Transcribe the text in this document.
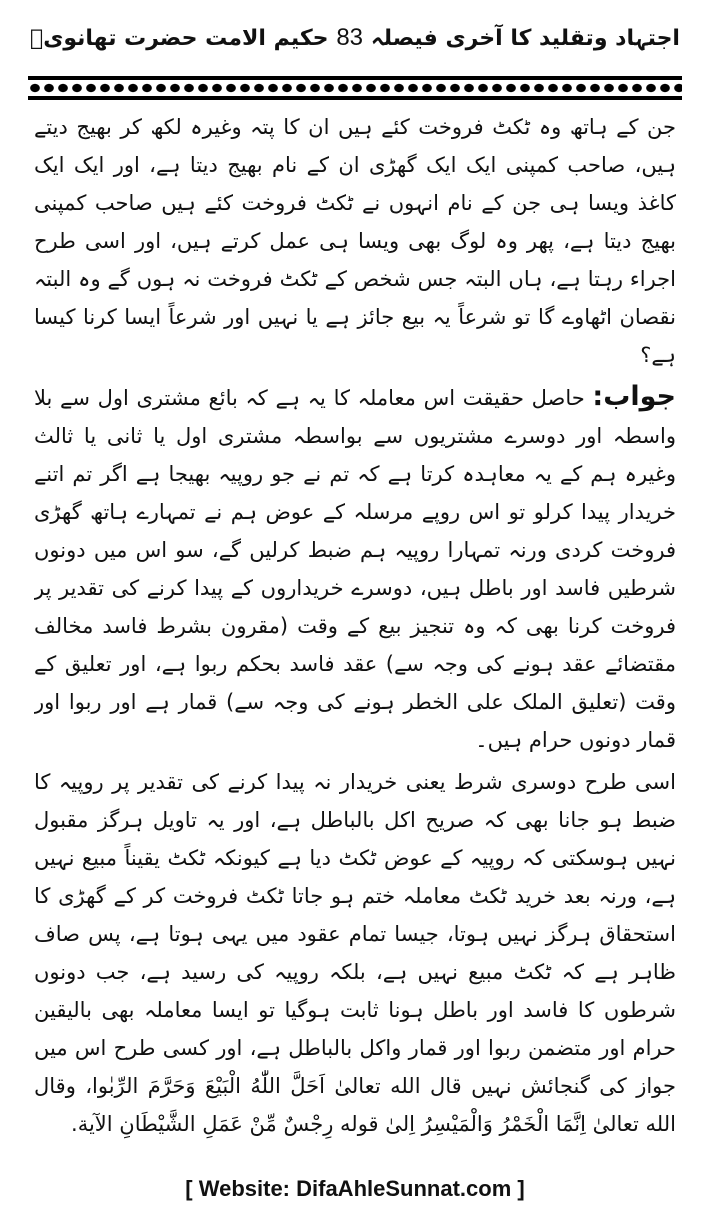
حکیم الامت حضرت تھانویؒ 83 اجتہاد وتقلید کا آخری فیصلہ

جن کے ہاتھ وہ ٹکٹ فروخت کئے ہیں ان کا پتہ وغیرہ لکھ کر بھیج دیتے ہیں، صاحب کمپنی ایک ایک گھڑی ان کے نام بھیج دیتا ہے، اور ایک ایک کاغذ ویسا ہی جن کے نام انہوں نے ٹکٹ فروخت کئے ہیں صاحب کمپنی بھیج دیتا ہے، پھر وہ لوگ بھی ویسا ہی عمل کرتے ہیں، اور اسی طرح اجراء رہتا ہے، ہاں البتہ جس شخص کے ٹکٹ فروخت نہ ہوں گے وہ البتہ نقصان اٹھاوے گا تو شرعاً یہ بیع جائز ہے یا نہیں اور شرعاً ایسا کرنا کیسا ہے؟

جواب: حاصل حقیقت اس معاملہ کا یہ ہے کہ بائع مشتری اول سے بلا واسطہ اور دوسرے مشتریوں سے بواسطہ مشتری اول یا ثانی یا ثالث وغیرہ ہم کے یہ معاہدہ کرتا ہے کہ تم نے جو روپیہ بھیجا ہے اگر تم اتنے خریدار پیدا کرلو تو اس روپے مرسلہ کے عوض ہم نے تمہارے ہاتھ گھڑی فروخت کردی ورنہ تمہارا روپیہ ہم ضبط کرلیں گے، سو اس میں دونوں شرطیں فاسد اور باطل ہیں، دوسرے خریداروں کے پیدا کرنے کی تقدیر پر فروخت کرنا بھی کہ وہ تنجیز بیع کے وقت (مقرون بشرط فاسد مخالف مقتضائے عقد ہونے کی وجہ سے) عقد فاسد بحکم ربوا ہے، اور تعلیق کے وقت (تعلیق الملک علی الخطر ہونے کی وجہ سے) قمار ہے اور ربوا اور قمار دونوں حرام ہیں۔

اسی طرح دوسری شرط یعنی خریدار نہ پیدا کرنے کی تقدیر پر روپیہ کا ضبط ہو جانا بھی کہ صریح اکل بالباطل ہے، اور یہ تاویل ہرگز مقبول نہیں ہوسکتی کہ روپیہ کے عوض ٹکٹ دیا ہے کیونکہ ٹکٹ یقیناً مبیع نہیں ہے، ورنہ بعد خرید ٹکٹ معاملہ ختم ہو جاتا ٹکٹ فروخت کر کے گھڑی کا استحقاق ہرگز نہیں ہوتا، جیسا تمام عقود میں یہی ہوتا ہے، پس صاف ظاہر ہے کہ ٹکٹ مبیع نہیں ہے، بلکہ روپیہ کی رسید ہے، جب دونوں شرطوں کا فاسد اور باطل ہونا ثابت ہوگیا تو ایسا معاملہ بھی بالیقین حرام اور متضمن ربوا اور قمار واکل بالباطل ہے، اور کسی طرح اس میں جواز کی گنجائش نہیں قال الله تعالیٰ اَحَلَّ اللّٰهُ الْبَيْعَ وَحَرَّمَ الرِّبٰوا، وقال الله تعالیٰ اِنَّمَا الْخَمْرُ وَالْمَيْسِرُ اِلیٰ قوله رِجْسٌ مِّنْ عَمَلِ الشَّيْطَانِ الآية.

[ Website: DifaAhleSunnat.com ]
